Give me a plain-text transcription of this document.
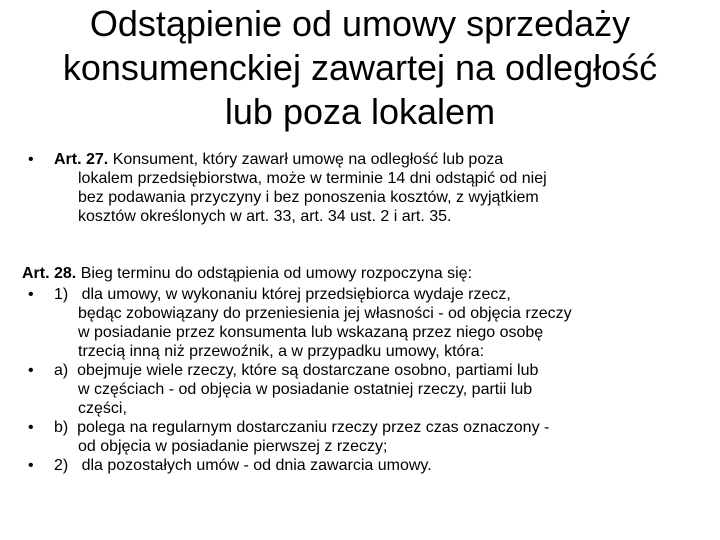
Odstąpienie od umowy sprzedaży
konsumenckiej zawartej na odległość
lub poza lokalem
• Art. 27. Konsument, który zawarł umowę na odległość lub poza
lokalem przedsiębiorstwa, może w terminie 14 dni odstąpić od niej
bez podawania przyczyny i bez ponoszenia kosztów, z wyjątkiem
kosztów określonych w art. 33, art. 34 ust. 2 i art. 35.

Art. 28. Bieg terminu do odstąpienia od umowy rozpoczyna się:

• 1) dla umowy, w wykonaniu której przedsiębiorca wydaje rzecz,
będąc zobowiązany do przeniesienia jej własności - od objęcia rzeczy
w posiadanie przez konsumenta lub wskazaną przez niego osobę
trzecią inną niż przewoźnik, a w przypadku umowy, która:
• a) obejmuje wiele rzeczy, które są dostarczane osobno, partiami lub
w częściach - od objęcia w posiadanie ostatniej rzeczy, partii lub
części,
• b) polega na regularnym dostarczaniu rzeczy przez czas oznaczony -
od objęcia w posiadanie pierwszej z rzeczy;
• 2) dla pozostałych umów - od dnia zawarcia umowy.
